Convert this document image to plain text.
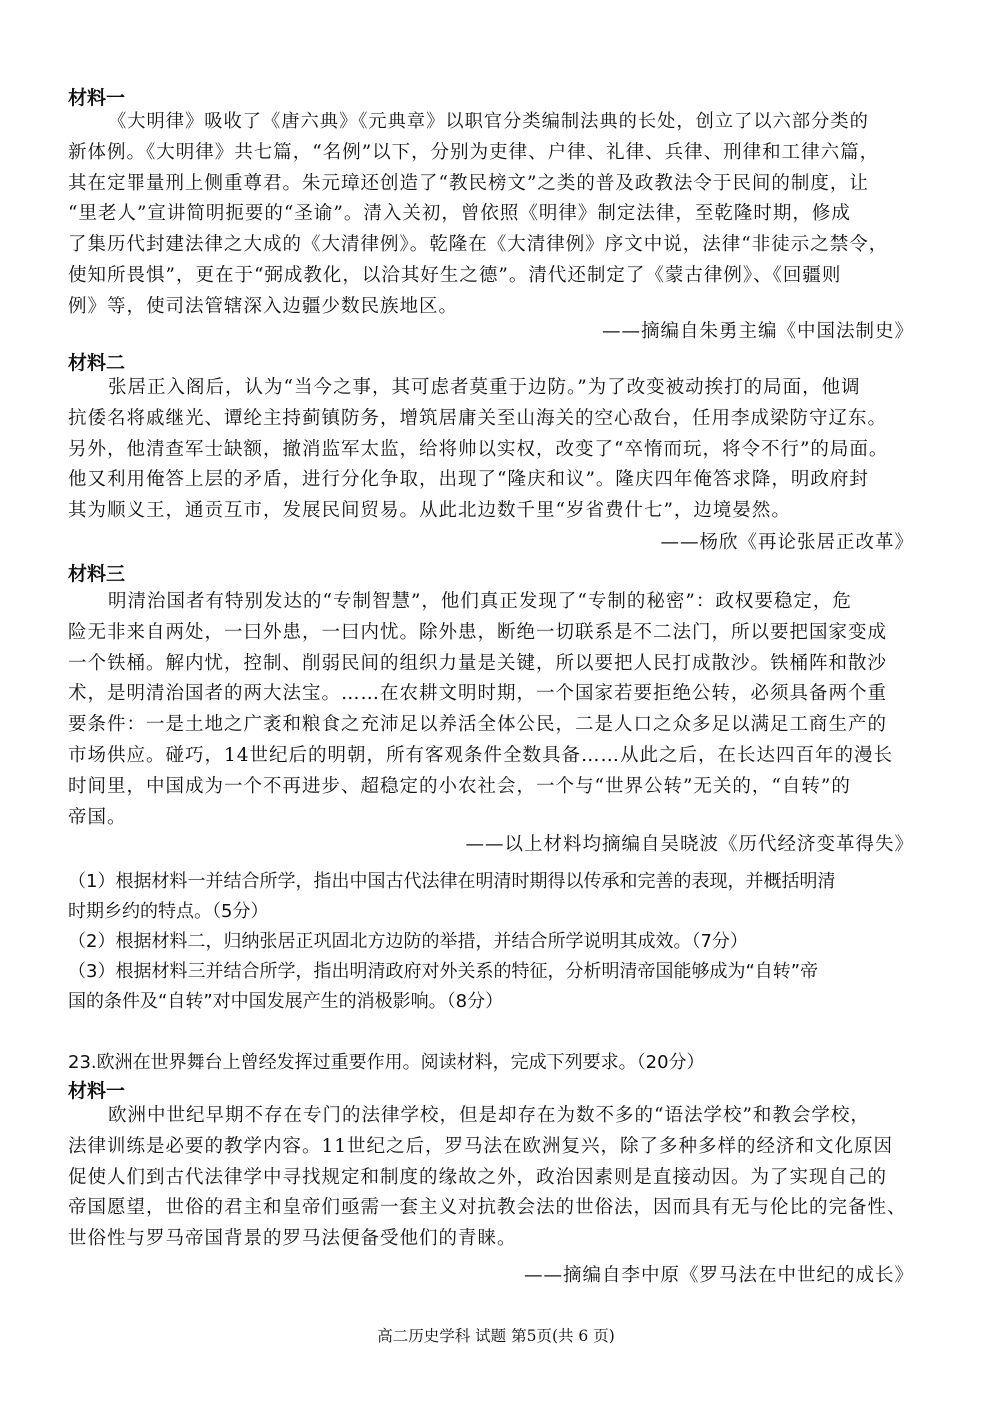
材料一
《大明律》吸收了《唐六典》《元典章》以职官分类编制法典的长处，创立了以六部分类的
新体例。《大明律》共七篇，“名例”以下，分别为吏律、户律、礼律、兵律、刑律和工律六篇，
其在定罪量刑上侧重尊君。朱元璋还创造了“教民榜文”之类的普及政教法令于民间的制度，让
“里老人”宣讲简明扼要的“圣谕”。清入关初，曾依照《明律》制定法律，至乾隆时期，修成
了集历代封建法律之大成的《大清律例》。乾隆在《大清律例》序文中说，法律“非徒示之禁令，
使知所畏惧”，更在于“弼成教化，以洽其好生之德”。清代还制定了《蒙古律例》、《回疆则
例》等，使司法管辖深入边疆少数民族地区。
——摘编自朱勇主编《中国法制史》
材料二
张居正入阁后，认为“当今之事，其可虑者莫重于边防。”为了改变被动挨打的局面，他调
抗倭名将戚继光、谭纶主持蓟镇防务，增筑居庸关至山海关的空心敌台，任用李成梁防守辽东。
另外，他清查军士缺额，撤消监军太监，给将帅以实权，改变了“卒惰而玩，将令不行”的局面。
他又利用俺答上层的矛盾，进行分化争取，出现了“隆庆和议”。隆庆四年俺答求降，明政府封
其为顺义王，通贡互市，发展民间贸易。从此北边数千里“岁省费什七”，边境晏然。
——杨欣《再论张居正改革》
材料三
明清治国者有特别发达的“专制智慧”，他们真正发现了“专制的秘密”：政权要稳定，危
险无非来自两处，一曰外患，一曰内忧。除外患，断绝一切联系是不二法门，所以要把国家变成
一个铁桶。解内忧，控制、削弱民间的组织力量是关键，所以要把人民打成散沙。铁桶阵和散沙
术，是明清治国者的两大法宝。……在农耕文明时期，一个国家若要拒绝公转，必须具备两个重
要条件：一是土地之广袤和粮食之充沛足以养活全体公民，二是人口之众多足以满足工商生产的
市场供应。碰巧，14世纪后的明朝，所有客观条件全数具备……从此之后，在长达四百年的漫长
时间里，中国成为一个不再进步、超稳定的小农社会，一个与“世界公转”无关的，“自转”的
帝国。
——以上材料均摘编自吴晓波《历代经济变革得失》
（1）根据材料一并结合所学，指出中国古代法律在明清时期得以传承和完善的表现，并概括明清
时期乡约的特点。（5分）
（2）根据材料二，归纳张居正巩固北方边防的举措，并结合所学说明其成效。（7分）
（3）根据材料三并结合所学，指出明清政府对外关系的特征，分析明清帝国能够成为“自转”帝
国的条件及“自转”对中国发展产生的消极影响。（8分）
23.欧洲在世界舞台上曾经发挥过重要作用。阅读材料，完成下列要求。（20分）
材料一
欧洲中世纪早期不存在专门的法律学校，但是却存在为数不多的“语法学校”和教会学校，
法律训练是必要的教学内容。11世纪之后，罗马法在欧洲复兴，除了多种多样的经济和文化原因
促使人们到古代法律学中寻找规定和制度的缘故之外，政治因素则是直接动因。为了实现自己的
帝国愿望，世俗的君主和皇帝们亟需一套主义对抗教会法的世俗法，因而具有无与伦比的完备性、
世俗性与罗马帝国背景的罗马法便备受他们的青睐。
——摘编自李中原《罗马法在中世纪的成长》
高二历史学科 试题 第5页(共 6 页)
